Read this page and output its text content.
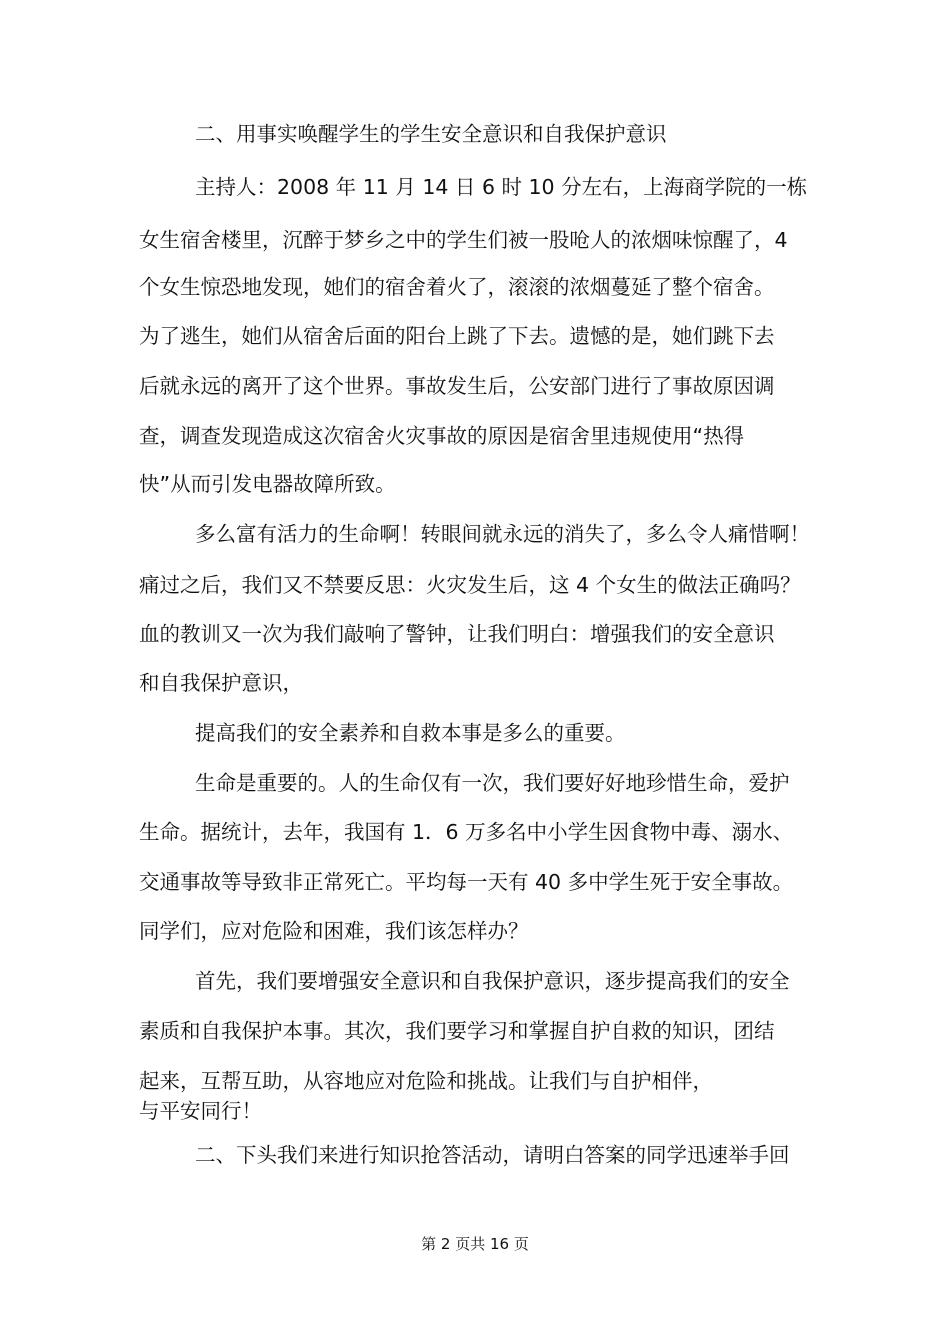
二、用事实唤醒学生的学生安全意识和自我保护意识

主持人：2008 年 11 月 14 日 6 时 10 分左右，上海商学院的一栋

女生宿舍楼里，沉醉于梦乡之中的学生们被一股呛人的浓烟味惊醒了，4

个女生惊恐地发现，她们的宿舍着火了，滚滚的浓烟蔓延了整个宿舍。

为了逃生，她们从宿舍后面的阳台上跳了下去。遗憾的是，她们跳下去

后就永远的离开了这个世界。事故发生后，公安部门进行了事故原因调

查，调查发现造成这次宿舍火灾事故的原因是宿舍里违规使用“热得

快”从而引发电器故障所致。

多么富有活力的生命啊！转眼间就永远的消失了，多么令人痛惜啊！

痛过之后，我们又不禁要反思：火灾发生后，这 4 个女生的做法正确吗？

血的教训又一次为我们敲响了警钟，让我们明白：增强我们的安全意识

和自我保护意识，

提高我们的安全素养和自救本事是多么的重要。

生命是重要的。人的生命仅有一次，我们要好好地珍惜生命，爱护

生命。据统计，去年，我国有 1．6 万多名中小学生因食物中毒、溺水、

交通事故等导致非正常死亡。平均每一天有 40 多中学生死于安全事故。

同学们，应对危险和困难，我们该怎样办？

首先，我们要增强安全意识和自我保护意识，逐步提高我们的安全

素质和自我保护本事。其次，我们要学习和掌握自护自救的知识，团结

起来，互帮互助，从容地应对危险和挑战。让我们与自护相伴，

与平安同行！

二、下头我们来进行知识抢答活动，请明白答案的同学迅速举手回

第 2 页共 16 页
